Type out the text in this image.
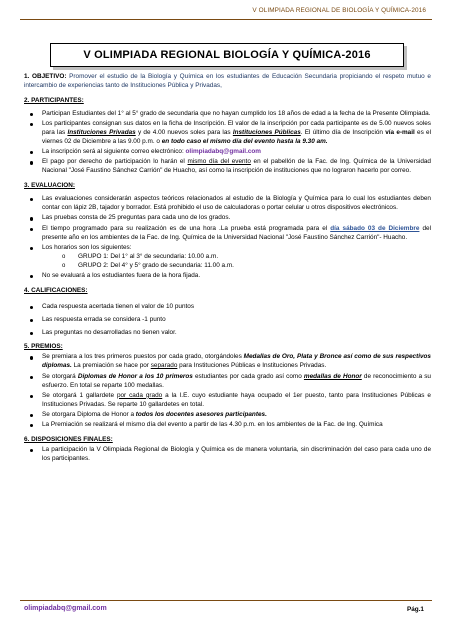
V OLIMPIADA REGIONAL DE BIOLOGÍA Y QUÍMICA-2016
V OLIMPIADA REGIONAL BIOLOGÍA Y QUÍMICA-2016

1. OBJETIVO: Promover el estudio de la Biología y Química en los estudiantes de Educación Secundaria propiciando el respeto mutuo e intercambio de experiencias tanto de Instituciones Pública y Privadas,

2. PARTICIPANTES:

Participan Estudiantes del 1° al 5° grado de secundaria que no hayan cumplido los 18 años de edad a la fecha de la Presente Olimpiada.
Los participantes consignan sus datos en la ficha de Inscripción. El valor de la inscripción por cada participante es de 5.00 nuevos soles para las Instituciones Privadas y de 4.00 nuevos soles para las Instituciones Públicas. El último día de Inscripción vía e-mail es el viernes 02 de Diciembre a las 9.00 p.m. o en todo caso el mismo día del evento hasta la 9.30 am.
La inscripción será al siguiente correo electrónico: olimpiadabq@gmail.com
El pago por derecho de participación lo harán el mismo día del evento en el pabellón de la Fac. de Ing. Química de la Universidad Nacional "José Faustino Sánchez Carrión" de Huacho, así como la inscripción de instituciones que no lograron hacerlo por correo.

3. EVALUACION:

Las evaluaciones considerarán aspectos teóricos relacionados al estudio de la Biología y Química para lo cual los estudiantes deben contar con lápiz 2B, tajador y borrador. Está prohibido el uso de calculadoras o portar celular u otros dispositivos electrónicos.
Las pruebas consta de 25 preguntas para cada uno de los grados.
El tiempo programado para su realización es de una hora .La prueba está programada para el día sábado 03 de Diciembre del presente año en los ambientes de la Fac. de Ing. Química de la Universidad Nacional "José Faustino Sánchez Carrión"- Huacho.
Los horarios son los siguientes:
o GRUPO 1: Del 1° al 3° de secundaria: 10.00 a.m.
o GRUPO 2: Del 4° y 5° grado de secundaria: 11.00 a.m.
No se evaluará a los estudiantes fuera de la hora fijada.

4. CALIFICACIONES:

Cada respuesta acertada tienen el valor de 10 puntos
Las respuesta errada se considera -1 punto
Las preguntas no desarrolladas no tienen valor.

5. PREMIOS:

Se premiara a los tres primeros puestos por cada grado, otorgándoles Medallas de Oro, Plata y Bronce así como de sus respectivos diplomas. La premiación se hace por separado para Instituciones Públicas e Instituciones Privadas.
Se otorgará Diplomas de Honor a los 10 primeros estudiantes por cada grado así como medallas de Honor de reconocimiento a su esfuerzo. En total se reparte 100 medallas.
Se otorgará 1 gallardete por cada grado a la I.E. cuyo estudiante haya ocupado el 1er puesto, tanto para Instituciones Públicas e Instituciones Privadas. Se reparte 10 gallardetes en total.
Se otorgara Diploma de Honor a todos los docentes asesores participantes.
La Premiación se realizará el mismo día del evento a partir de las 4.30 p.m. en los ambientes de la Fac. de Ing. Química

6. DISPOSICIONES FINALES:

La participación la V Olimpiada Regional de Biología y Química es de manera voluntaria, sin discriminación del caso para cada uno de los participantes.
olimpiadabq@gmail.com	Pág.1
